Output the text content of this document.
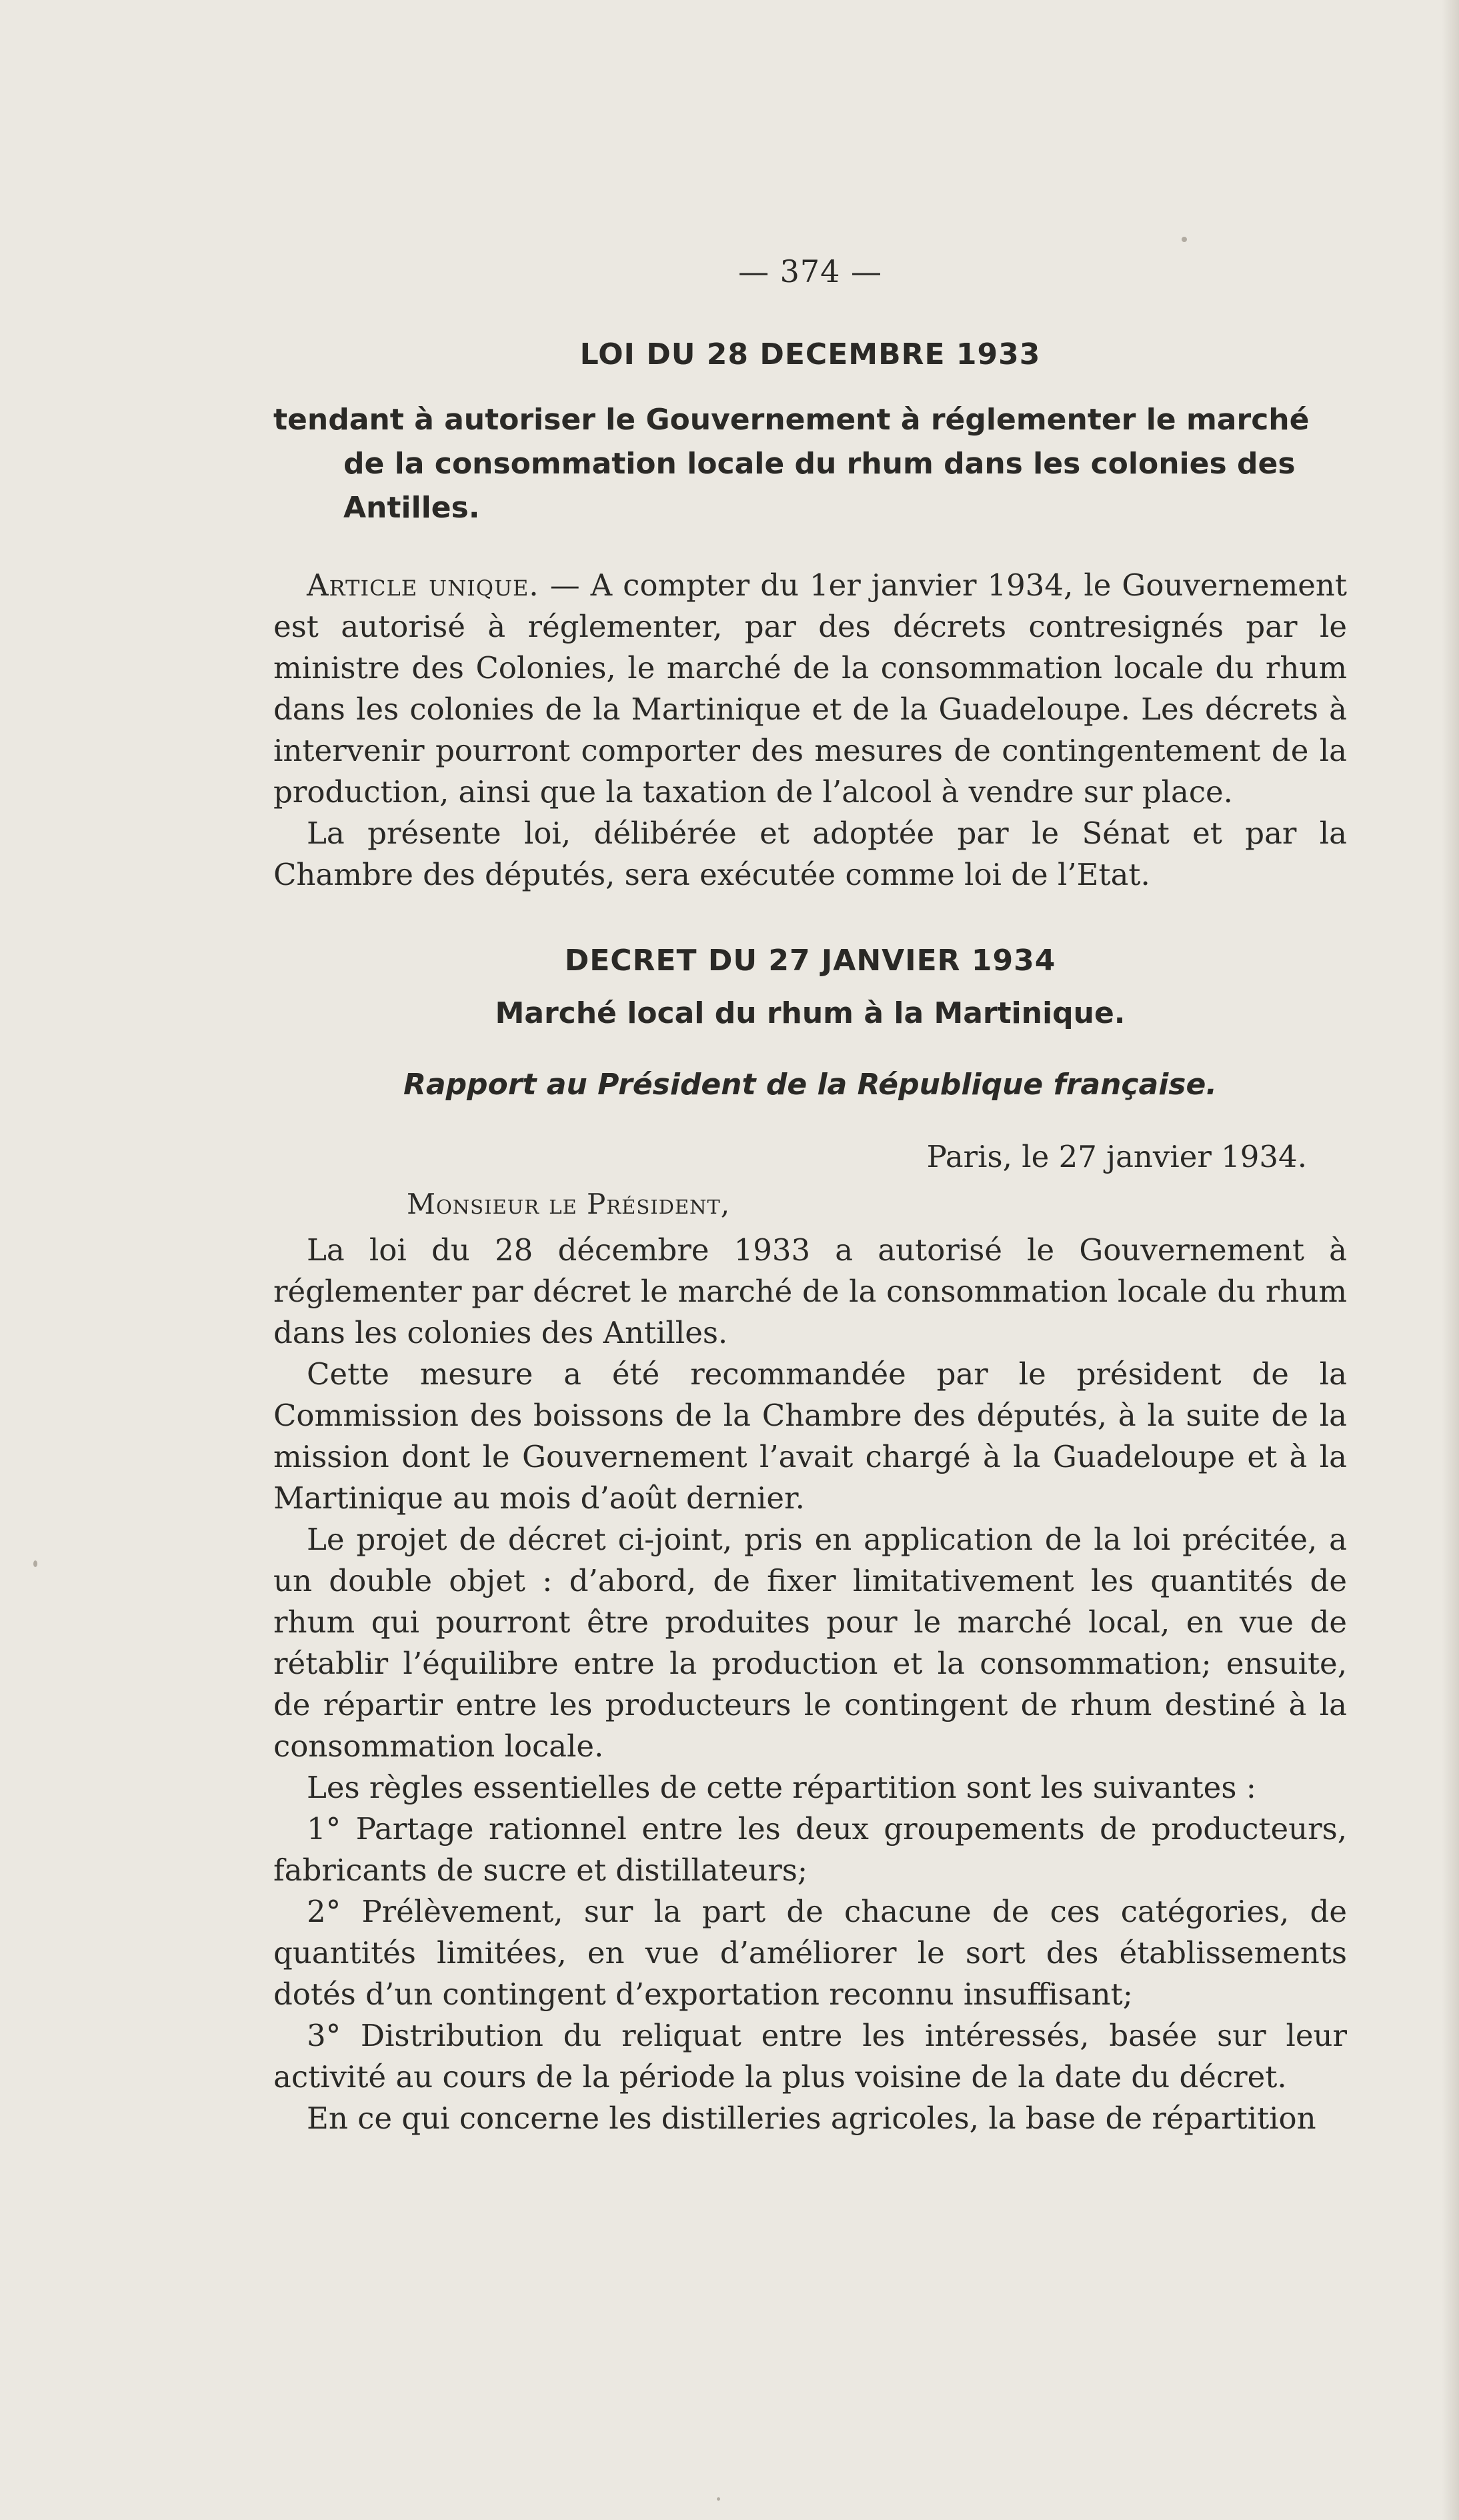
— 374 —
LOI DU 28 DECEMBRE 1933
tendant à autoriser le Gouvernement à réglementer le marché
de la consommation locale du rhum dans les colonies des
Antilles.

Article unique. — A compter du 1er janvier 1934, le Gouvernement est autorisé à réglementer, par des décrets contresignés par le ministre des Colonies, le marché de la consommation locale du rhum dans les colonies de la Martinique et de la Guadeloupe. Les décrets à intervenir pourront comporter des mesures de contingentement de la production, ainsi que la taxation de l’alcool à vendre sur place.

La présente loi, délibérée et adoptée par le Sénat et par la Chambre des députés, sera exécutée comme loi de l’Etat.

DECRET DU 27 JANVIER 1934
Marché local du rhum à la Martinique.
Rapport au Président de la République française.
Paris, le 27 janvier 1934.
Monsieur le Président,

La loi du 28 décembre 1933 a autorisé le Gouvernement à réglementer par décret le marché de la consommation locale du rhum dans les colonies des Antilles.

Cette mesure a été recommandée par le président de la Commission des boissons de la Chambre des députés, à la suite de la mission dont le Gouvernement l’avait chargé à la Guadeloupe et à la Martinique au mois d’août dernier.

Le projet de décret ci-joint, pris en application de la loi précitée, a un double objet : d’abord, de fixer limitativement les quantités de rhum qui pourront être produites pour le marché local, en vue de rétablir l’équilibre entre la production et la consommation; ensuite, de répartir entre les producteurs le contingent de rhum destiné à la consommation locale.

Les règles essentielles de cette répartition sont les suivantes :

1° Partage rationnel entre les deux groupements de producteurs, fabricants de sucre et distillateurs;

2° Prélèvement, sur la part de chacune de ces catégories, de quantités limitées, en vue d’améliorer le sort des établissements dotés d’un contingent d’exportation reconnu insuffisant;

3° Distribution du reliquat entre les intéressés, basée sur leur activité au cours de la période la plus voisine de la date du décret.

En ce qui concerne les distilleries agricoles, la base de répartition
